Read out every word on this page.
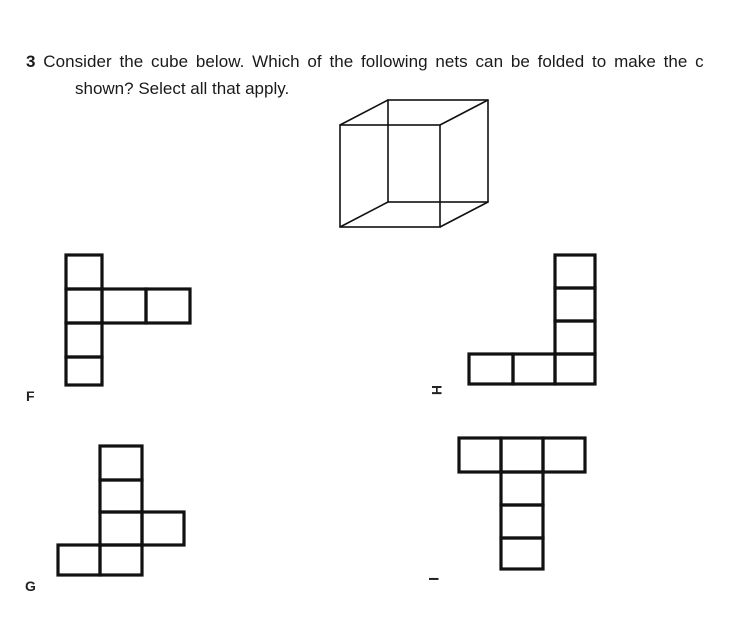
3 Consider the cube below. Which of the following nets can be folded to make the c
shown? Select all that apply.
F	H
G	I
